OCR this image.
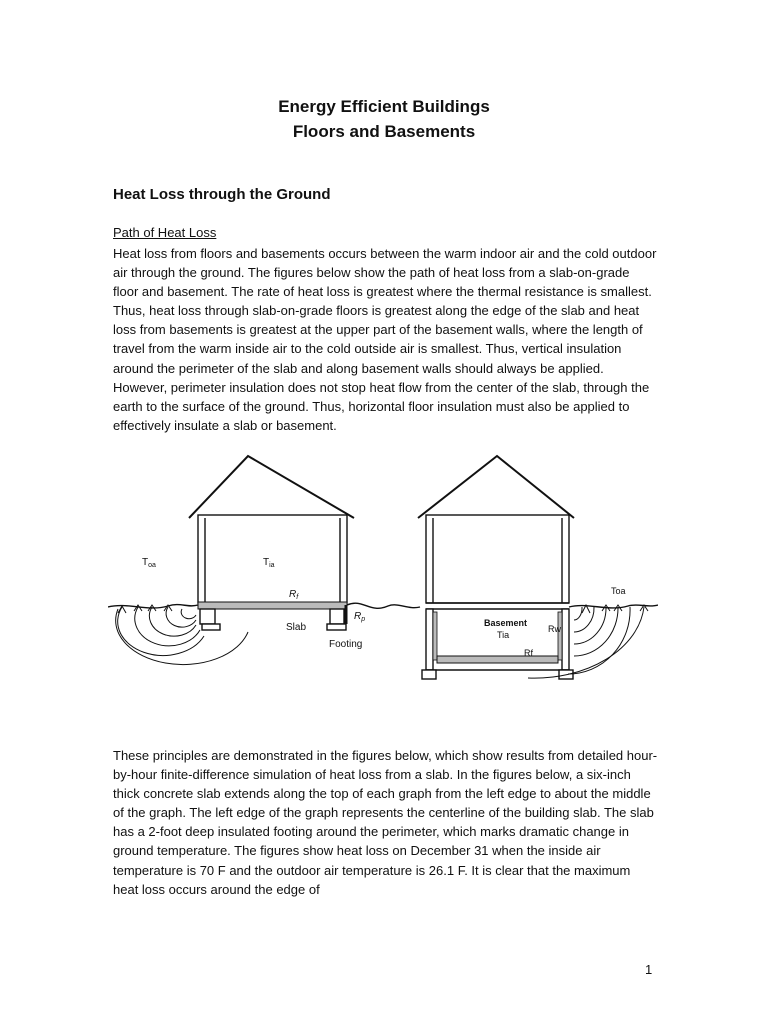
Energy Efficient Buildings
Floors and Basements
Heat Loss through the Ground
Path of Heat Loss
Heat loss from floors and basements occurs between the warm indoor air and the cold outdoor air through the ground. The figures below show the path of heat loss from a slab-on-grade floor and basement. The rate of heat loss is greatest where the thermal resistance is smallest. Thus, heat loss through slab-on-grade floors is greatest along the edge of the slab and heat loss from basements is greatest at the upper part of the basement walls, where the length of travel from the warm inside air to the cold outside air is smallest. Thus, vertical insulation around the perimeter of the slab and along basement walls should always be applied. However, perimeter insulation does not stop heat flow from the center of the slab, through the earth to the surface of the ground. Thus, horizontal floor insulation must also be applied to effectively insulate a slab or basement.
$T_{oa}$	$T_{ia}$
$R_f$
$R_p$
Slab
Footing
Toa
Basement
Tia
Rw
Rf
These principles are demonstrated in the figures below, which show results from detailed hour-by-hour finite-difference simulation of heat loss from a slab. In the figures below, a six-inch thick concrete slab extends along the top of each graph from the left edge to about the middle of the graph. The left edge of the graph represents the centerline of the building slab. The slab has a 2-foot deep insulated footing around the perimeter, which marks dramatic change in ground temperature. The figures show heat loss on December 31 when the inside air temperature is 70 F and the outdoor air temperature is 26.1 F. It is clear that the maximum heat loss occurs around the edge of
1
